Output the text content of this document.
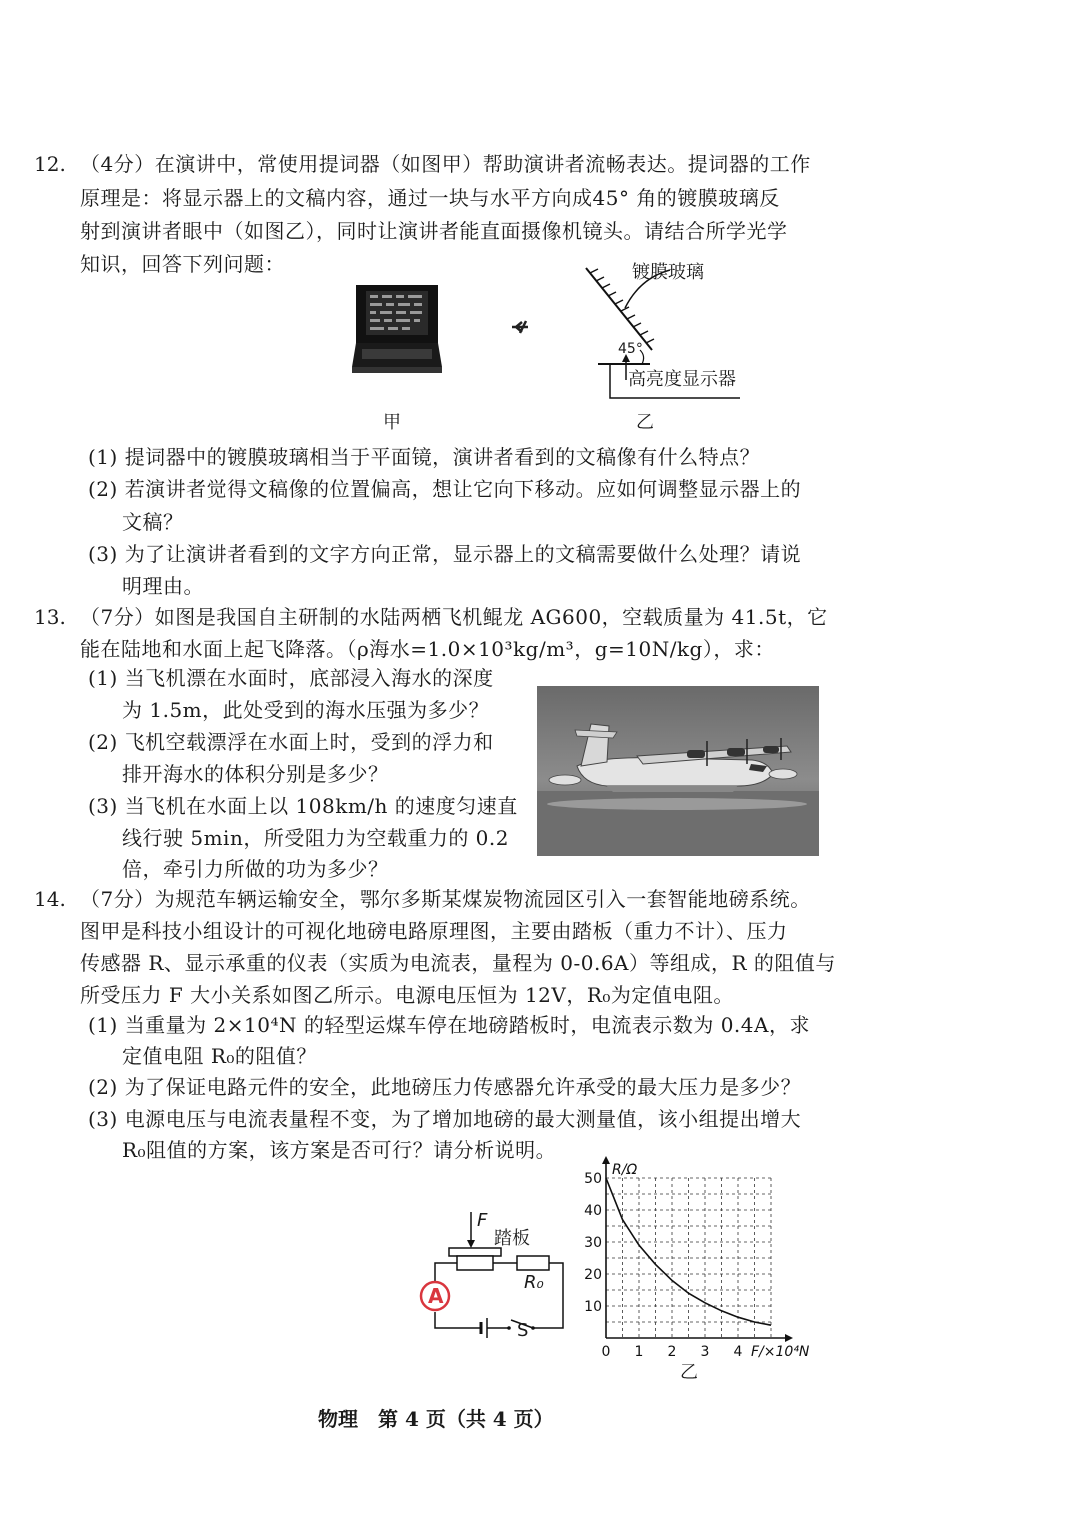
12. （4分）在演讲中，常使用提词器（如图甲）帮助演讲者流畅表达。提词器的工作
原理是：将显示器上的文稿内容，通过一块与水平方向成45° 角的镀膜玻璃反
射到演讲者眼中（如图乙），同时让演讲者能直面摄像机镜头。请结合所学光学
知识，回答下列问题：
甲
镀膜玻璃
45°
高亮度显示器
乙
(1) 提词器中的镀膜玻璃相当于平面镜，演讲者看到的文稿像有什么特点？
(2) 若演讲者觉得文稿像的位置偏高，想让它向下移动。应如何调整显示器上的
文稿？
(3) 为了让演讲者看到的文字方向正常，显示器上的文稿需要做什么处理？请说
明理由。
13. （7分）如图是我国自主研制的水陆两栖飞机鲲龙 AG600，空载质量为 41.5t，它
能在陆地和水面上起飞降落。（ρ海水=1.0×10³kg/m³，g=10N/kg），求：
(1) 当飞机漂在水面时，底部浸入海水的深度
为 1.5m，此处受到的海水压强为多少？
(2) 飞机空载漂浮在水面上时，受到的浮力和
排开海水的体积分别是多少？
(3) 当飞机在水面上以 108km/h 的速度匀速直
线行驶 5min，所受阻力为空载重力的 0.2
倍，牵引力所做的功为多少？
14. （7分）为规范车辆运输安全，鄂尔多斯某煤炭物流园区引入一套智能地磅系统。
图甲是科技小组设计的可视化地磅电路原理图，主要由踏板（重力不计）、压力
传感器 R、显示承重的仪表（实质为电流表，量程为 0-0.6A）等组成，R 的阻值与
所受压力 F 大小关系如图乙所示。电源电压恒为 12V，R₀为定值电阻。
(1) 当重量为 2×10⁴N 的轻型运煤车停在地磅踏板时，电流表示数为 0.4A，求
定值电阻 R₀的阻值？
(2) 为了保证电路元件的安全，此地磅压力传感器允许承受的最大压力是多少？
(3) 电源电压与电流表量程不变，为了增加地磅的最大测量值，该小组提出增大
R₀阻值的方案，该方案是否可行？请分析说明。
F
踏板
R₀
S
A
0 1 2 3 4
10
20
30
40
50
F/×10⁴N
R/Ω
乙
物理　第 4 页（共 4 页）
